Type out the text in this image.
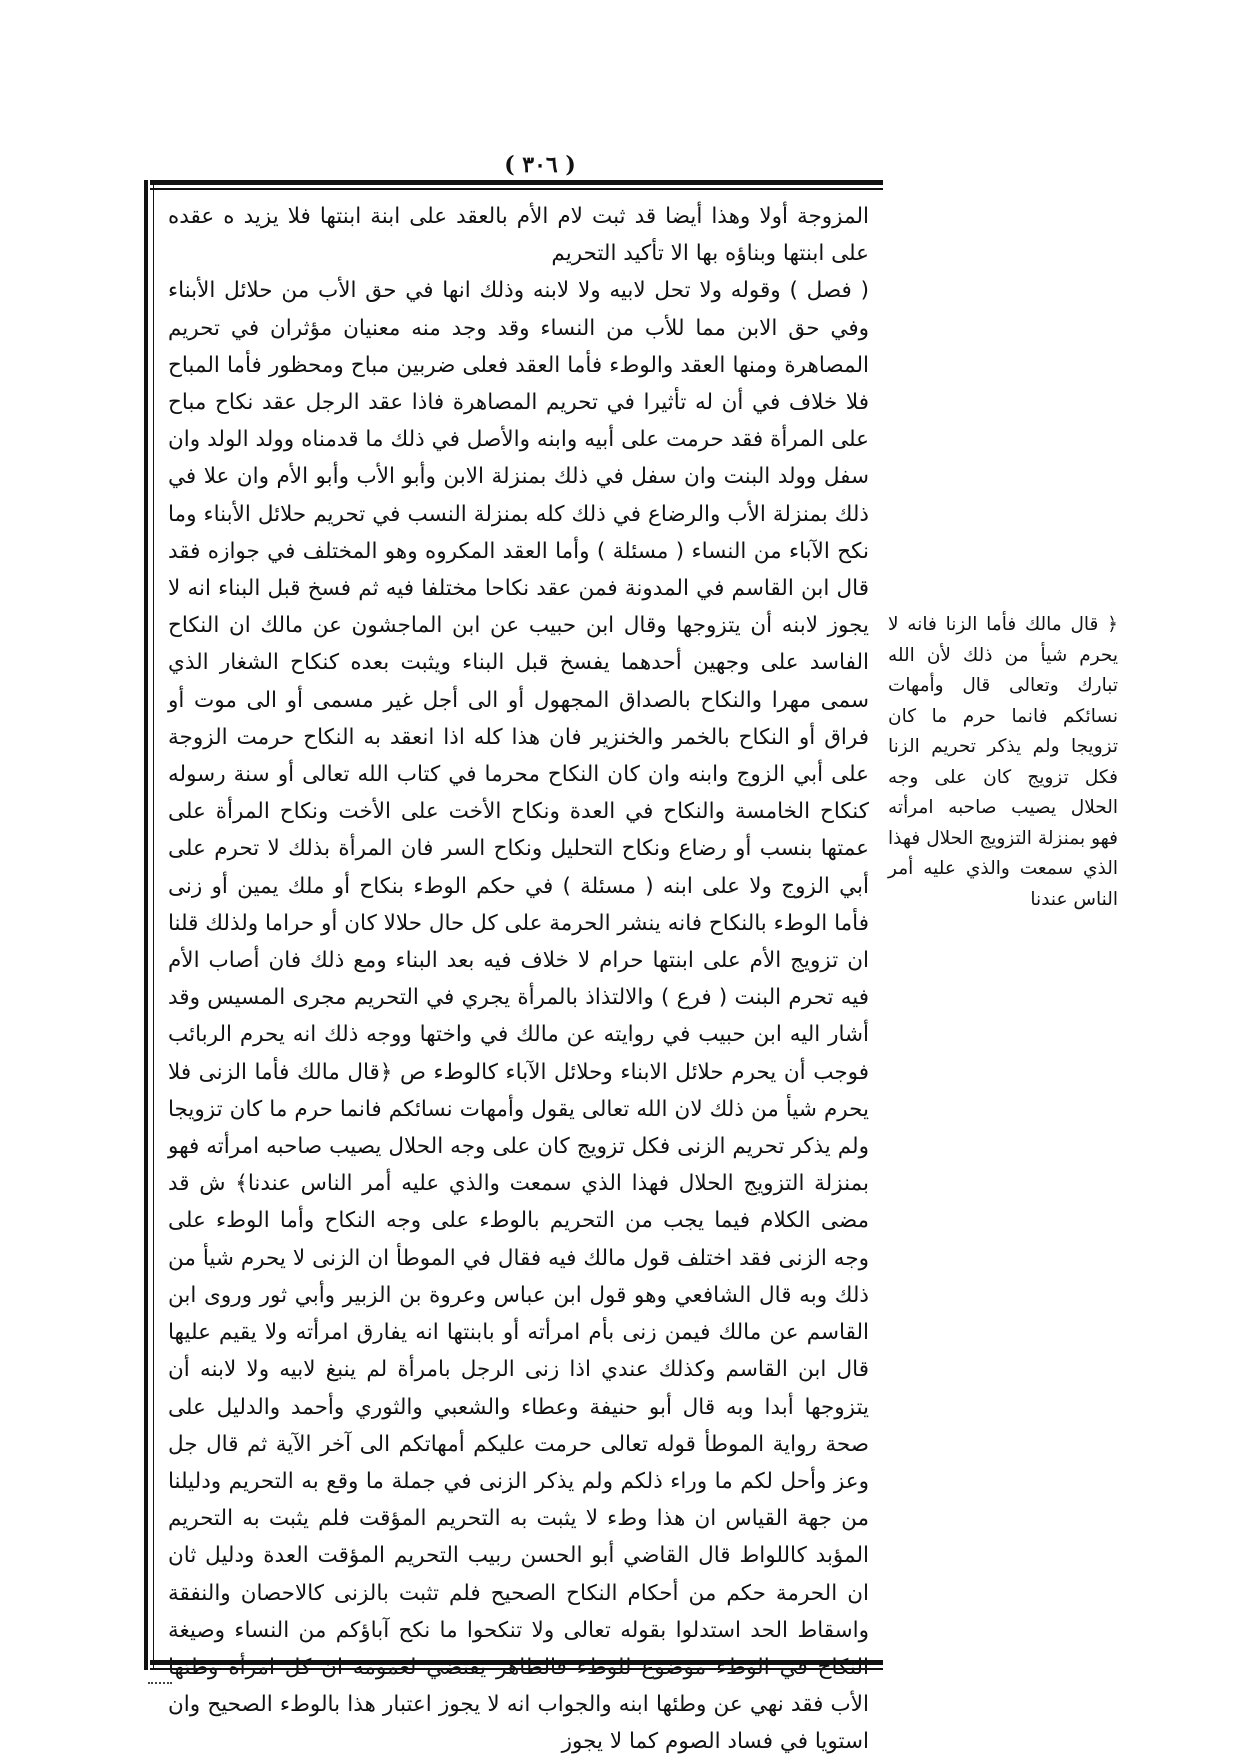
( ٣٠٦ )

المزوجة أولا وهذا أيضا قد ثبت لام الأم بالعقد على ابنة ابنتها فلا يزيد ه عقده على ابنتها وبناؤه بها الا تأكيد التحريم

( فصل ) وقوله ولا تحل لابيه ولا لابنه وذلك انها في حق الأب من حلائل الأبناء وفي حق الابن مما للأب من النساء وقد وجد منه معنيان مؤثران في تحريم المصاهرة ومنها العقد والوطء فأما العقد فعلى ضربين مباح ومحظور فأما المباح فلا خلاف في أن له تأثيرا في تحريم المصاهرة فاذا عقد الرجل عقد نكاح مباح على المرأة فقد حرمت على أبيه وابنه والأصل في ذلك ما قدمناه وولد الولد وان سفل وولد البنت وان سفل في ذلك بمنزلة الابن وأبو الأب وأبو الأم وان علا في ذلك بمنزلة الأب والرضاع في ذلك كله بمنزلة النسب في تحريم حلائل الأبناء وما نكح الآباء من النساء ( مسئلة ) وأما العقد المكروه وهو المختلف في جوازه فقد قال ابن القاسم في المدونة فمن عقد نكاحا مختلفا فيه ثم فسخ قبل البناء انه لا يجوز لابنه أن يتزوجها وقال ابن حبيب عن ابن الماجشون عن مالك ان النكاح الفاسد على وجهين أحدهما يفسخ قبل البناء ويثبت بعده كنكاح الشغار الذي سمى مهرا والنكاح بالصداق المجهول أو الى أجل غير مسمى أو الى موت أو فراق أو النكاح بالخمر والخنزير فان هذا كله اذا انعقد به النكاح حرمت الزوجة على أبي الزوج وابنه وان كان النكاح محرما في كتاب الله تعالى أو سنة رسوله كنكاح الخامسة والنكاح في العدة ونكاح الأخت على الأخت ونكاح المرأة على عمتها بنسب أو رضاع ونكاح التحليل ونكاح السر فان المرأة بذلك لا تحرم على أبي الزوج ولا على ابنه ( مسئلة ) في حكم الوطء بنكاح أو ملك يمين أو زنى فأما الوطء بالنكاح فانه ينشر الحرمة على كل حال حلالا كان أو حراما ولذلك قلنا ان تزويج الأم على ابنتها حرام لا خلاف فيه بعد البناء ومع ذلك فان أصاب الأم فيه تحرم البنت ( فرع ) والالتذاذ بالمرأة يجري في التحريم مجرى المسيس وقد أشار اليه ابن حبيب في روايته عن مالك في واختها ووجه ذلك انه يحرم الربائب فوجب أن يحرم حلائل الابناء وحلائل الآباء كالوطء ص ﴿قال مالك فأما الزنى فلا يحرم شيأ من ذلك لان الله تعالى يقول وأمهات نسائكم فانما حرم ما كان تزويجا ولم يذكر تحريم الزنى فكل تزويج كان على وجه الحلال يصيب صاحبه امرأته فهو بمنزلة التزويج الحلال فهذا الذي سمعت والذي عليه أمر الناس عندنا﴾ ش قد مضى الكلام فيما يجب من التحريم بالوطء على وجه النكاح وأما الوطء على وجه الزنى فقد اختلف قول مالك فيه فقال في الموطأ ان الزنى لا يحرم شيأ من ذلك وبه قال الشافعي وهو قول ابن عباس وعروة بن الزبير وأبي ثور وروى ابن القاسم عن مالك فيمن زنى بأم امرأته أو بابنتها انه يفارق امرأته ولا يقيم عليها قال ابن القاسم وكذلك عندي اذا زنى الرجل بامرأة لم ينبغ لابيه ولا لابنه أن يتزوجها أبدا وبه قال أبو حنيفة وعطاء والشعبي والثوري وأحمد والدليل على صحة رواية الموطأ قوله تعالى حرمت عليكم أمهاتكم الى آخر الآية ثم قال جل وعز وأحل لكم ما وراء ذلكم ولم يذكر الزنى في جملة ما وقع به التحريم ودليلنا من جهة القياس ان هذا وطء لا يثبت به التحريم المؤقت فلم يثبت به التحريم المؤبد كاللواط قال القاضي أبو الحسن ربيب التحريم المؤقت العدة ودليل ثان ان الحرمة حكم من أحكام النكاح الصحيح فلم تثبت بالزنى كالاحصان والنفقة واسقاط الحد استدلوا بقوله تعالى ولا تنكحوا ما نكح آباؤكم من النساء وصيغة النكاح في الوطء موضوع للوطء فالظاهر يقتضي لعمومه ان كل امرأة وطئها الأب فقد نهي عن وطئها ابنه والجواب انه لا يجوز اعتبار هذا بالوطء الصحيح وان استويا في فساد الصوم كما لا يجوز

﴿ قال مالك فأما الزنا فانه لا يحرم شيأ من ذلك لأن الله تبارك وتعالى قال وأمهات نسائكم فانما حرم ما كان تزويجا ولم يذكر تحريم الزنا فكل تزويج كان على وجه الحلال يصيب صاحبه امرأته فهو بمنزلة التزويج الحلال فهذا الذي سمعت والذي عليه أمر الناس عندنا
